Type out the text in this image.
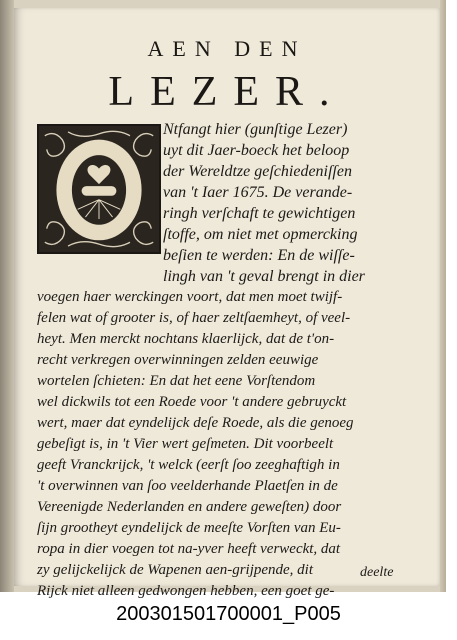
AEN DEN
LEZER.
Ntfangt hier (gunſtige Lezer)
uyt dit Jaer-boeck het beloop
der Wereldtze geſchiedeniſſen
van 't Iaer 1675. De verande-
ringh verſchaft te gewichtigen
ſtoffe, om niet met opmercking
beſien te werden: En de wiſſe-
lingh van 't geval brengt in dier
voegen haer werckingen voort, dat men moet twijf-
felen wat of grooter is, of haer zeltſaemheyt, of veel-
heyt. Men merckt nochtans klaerlijck, dat de t'on-
recht verkregen overwinningen zelden eeuwige
wortelen ſchieten: En dat het eene Vorſtendom
wel dickwils tot een Roede voor 't andere gebruyckt
wert, maer dat eyndelijck deſe Roede, als die genoeg
gebeſigt is, in 't Vier wert geſmeten. Dit voorbeelt
geeft Vranckrijck, 't welck (eerſt ſoo zeeghaftigh in
't overwinnen van ſoo veelderhande Plaetſen in de
Vereenigde Nederlanden en andere geweſten) door
ſijn grootheyt eyndelijck de meeſte Vorſten van Eu-
ropa in dier voegen tot na-yver heeft verweckt, dat
zy gelijckelijck de Wapenen aen-grijpende, dit
Rijck niet alleen gedwongen hebben, een goet ge-
deelte
200301501700001_P005
